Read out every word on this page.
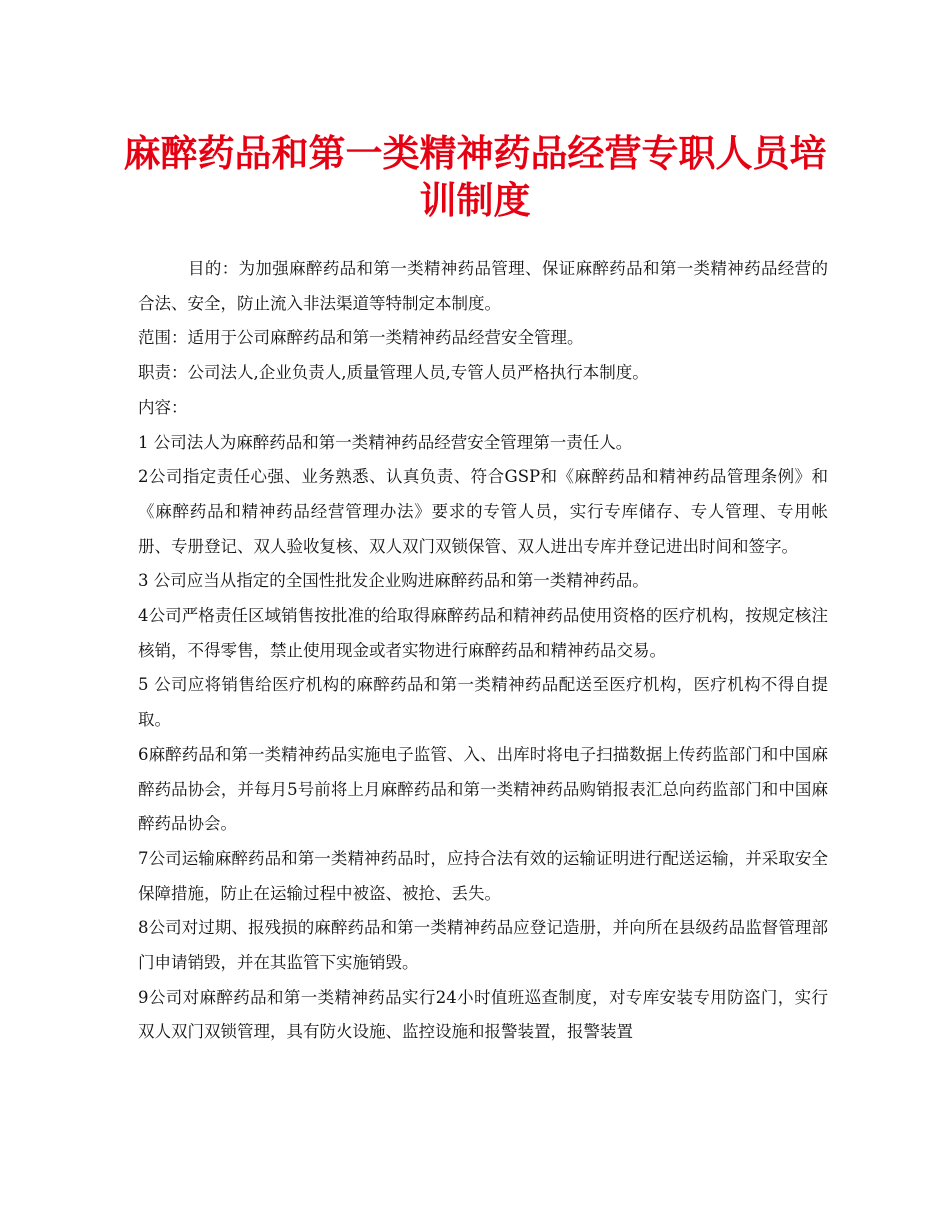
麻醉药品和第一类精神药品经营专职人员培
训制度

目的：为加强麻醉药品和第一类精神药品管理、保证麻醉药品和第一类精神药品经营的合法、安全，防止流入非法渠道等特制定本制度。

范围：适用于公司麻醉药品和第一类精神药品经营安全管理。

职责：公司法人,企业负责人,质量管理人员,专管人员严格执行本制度。

内容：

1 公司法人为麻醉药品和第一类精神药品经营安全管理第一责任人。

2公司指定责任心强、业务熟悉、认真负责、符合GSP和《麻醉药品和精神药品管理条例》和《麻醉药品和精神药品经营管理办法》要求的专管人员，实行专库储存、专人管理、专用帐册、专册登记、双人验收复核、双人双门双锁保管、双人进出专库并登记进出时间和签字。

3 公司应当从指定的全国性批发企业购进麻醉药品和第一类精神药品。

4公司严格责任区域销售按批准的给取得麻醉药品和精神药品使用资格的医疗机构，按规定核注核销，不得零售，禁止使用现金或者实物进行麻醉药品和精神药品交易。

5 公司应将销售给医疗机构的麻醉药品和第一类精神药品配送至医疗机构，医疗机构不得自提取。

6麻醉药品和第一类精神药品实施电子监管、入、出库时将电子扫描数据上传药监部门和中国麻醉药品协会，并每月5号前将上月麻醉药品和第一类精神药品购销报表汇总向药监部门和中国麻醉药品协会。

7公司运输麻醉药品和第一类精神药品时，应持合法有效的运输证明进行配送运输，并采取安全保障措施，防止在运输过程中被盗、被抢、丢失。

8公司对过期、报残损的麻醉药品和第一类精神药品应登记造册，并向所在县级药品监督管理部门申请销毁，并在其监管下实施销毁。

9公司对麻醉药品和第一类精神药品实行24小时值班巡查制度，对专库安装专用防盗门，实行双人双门双锁管理，具有防火设施、监控设施和报警装置，报警装置
